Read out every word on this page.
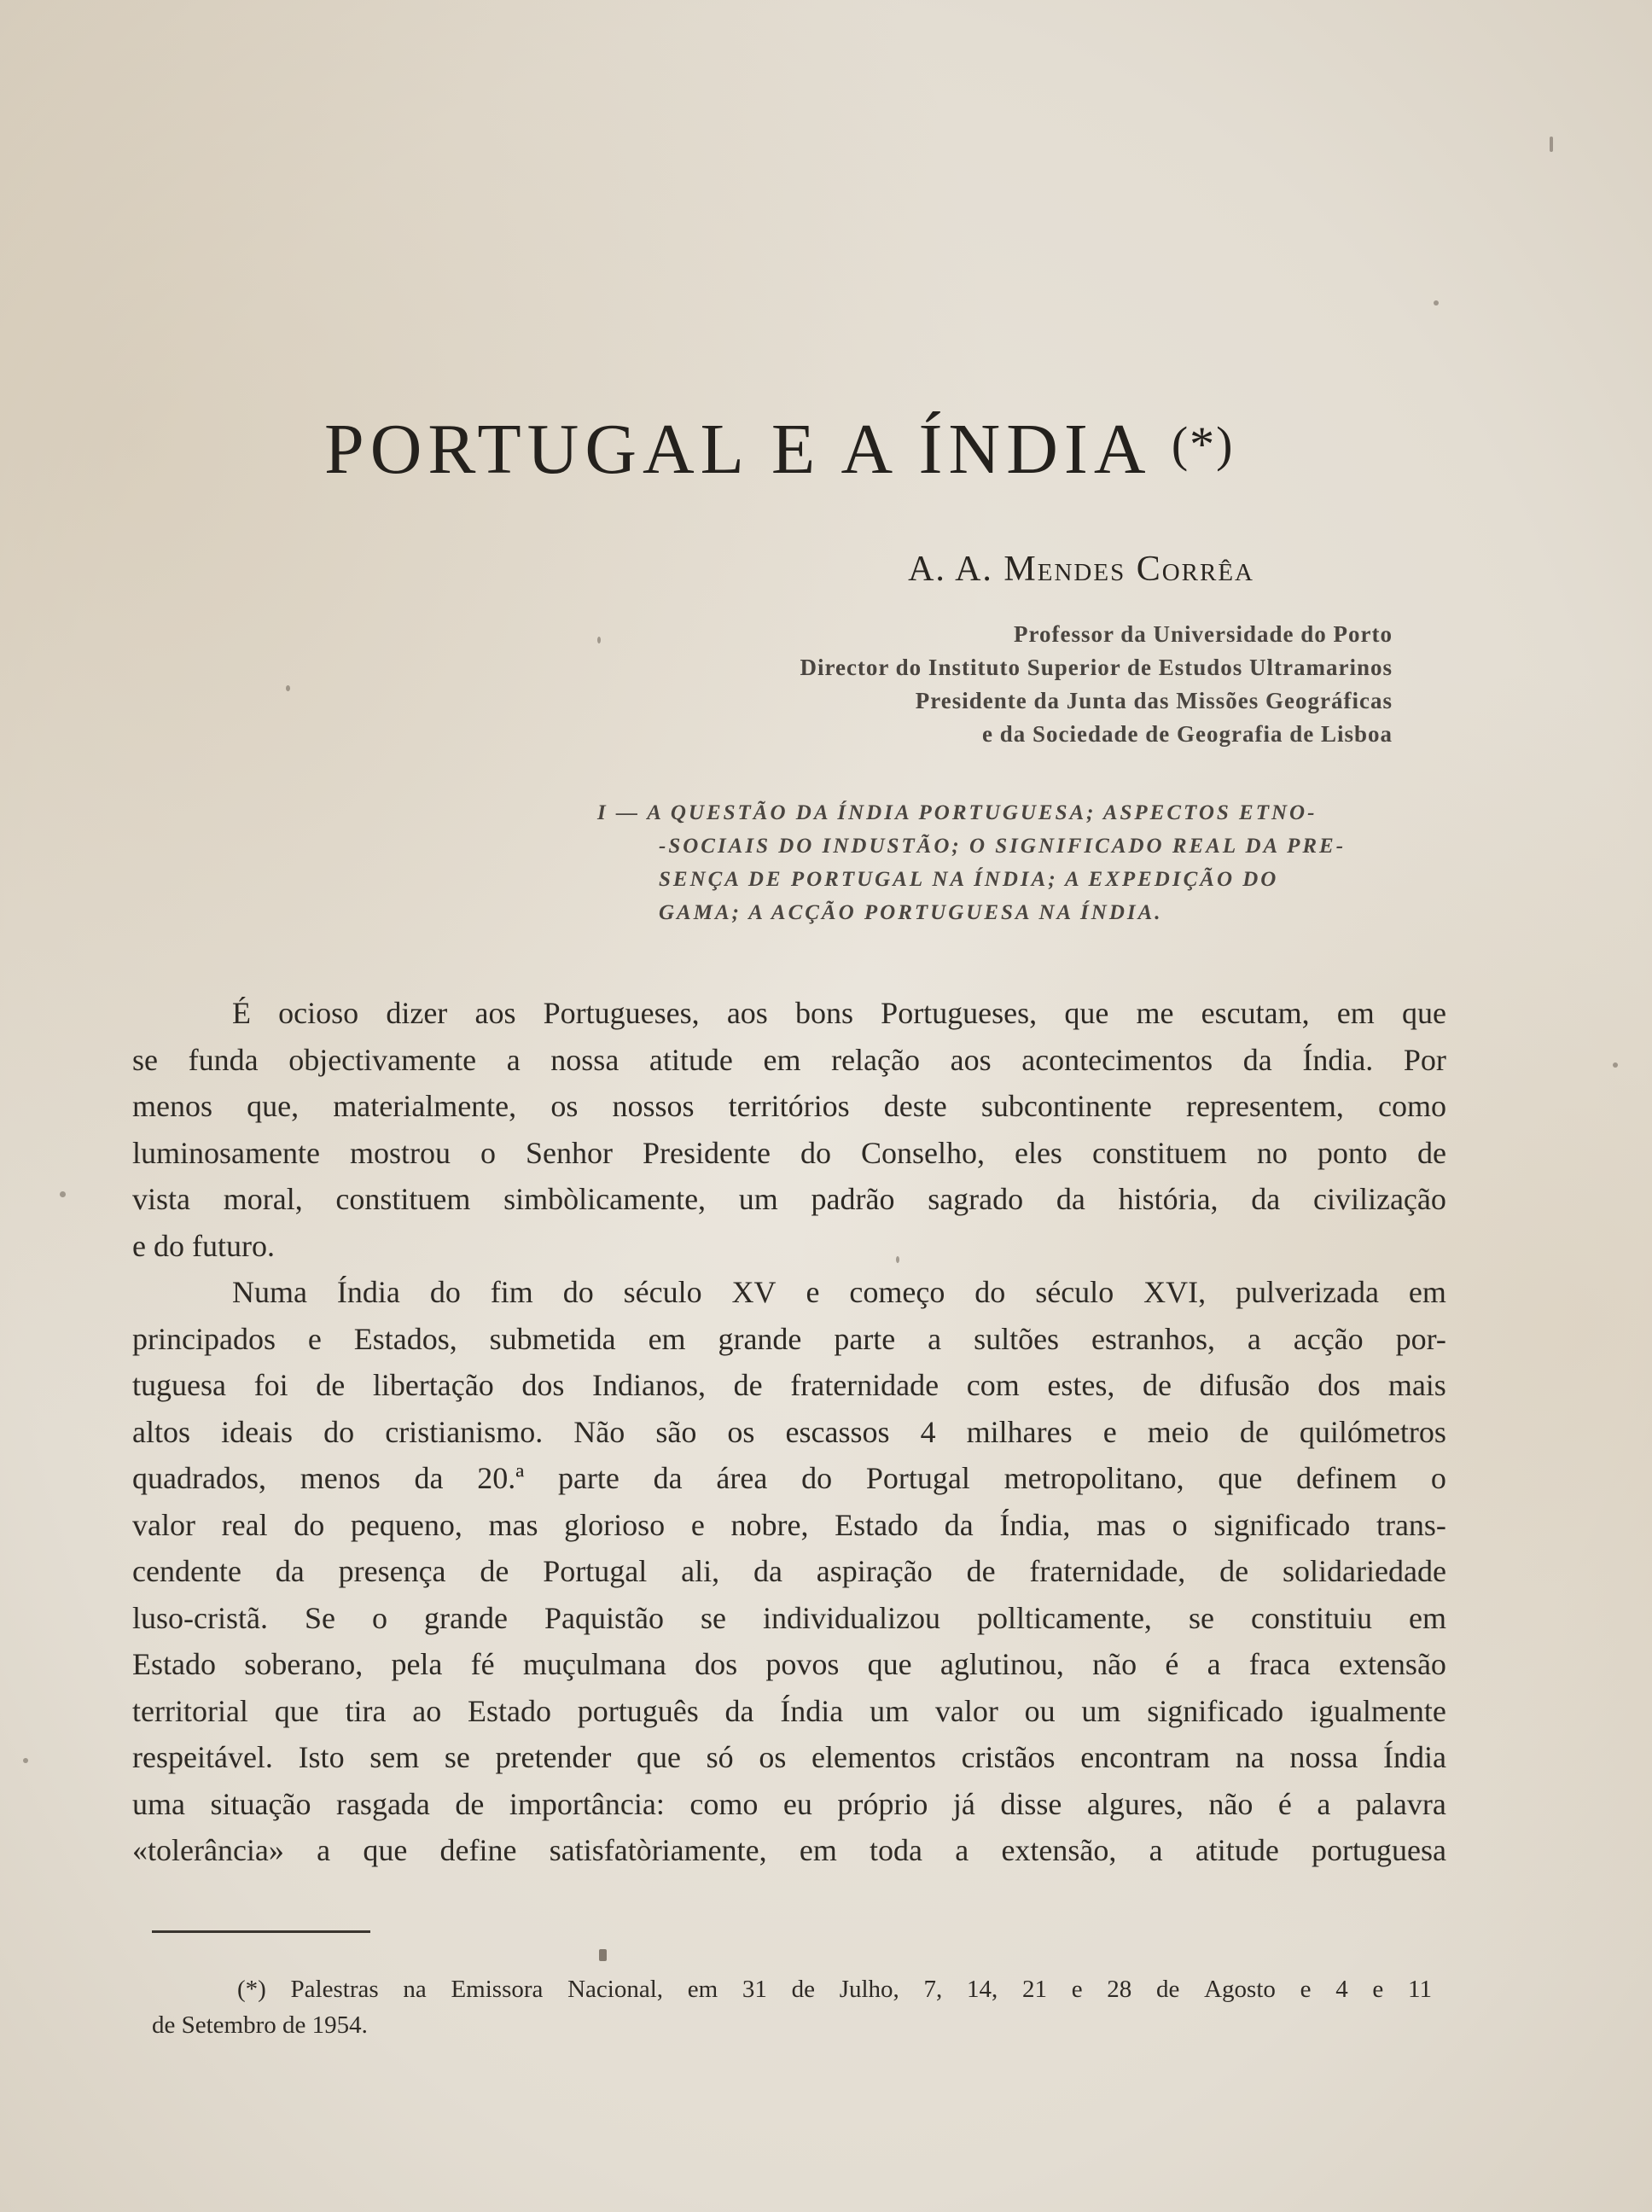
PORTUGAL E A ÍNDIA (*)
A. A. Mendes Corrêa
Professor da Universidade do Porto
Director do Instituto Superior de Estudos Ultramarinos
Presidente da Junta das Missões Geográficas
e da Sociedade de Geografia de Lisboa
I — A QUESTÃO DA ÍNDIA PORTUGUESA; ASPECTOS ETNO-
-SOCIAIS DO INDUSTÃO; O SIGNIFICADO REAL DA PRE-
SENÇA DE PORTUGAL NA ÍNDIA; A EXPEDIÇÃO DO
GAMA; A ACÇÃO PORTUGUESA NA ÍNDIA.
É ocioso dizer aos Portugueses, aos bons Portugueses, que me escutam, em que
se funda objectivamente a nossa atitude em relação aos acontecimentos da Índia. Por
menos que, materialmente, os nossos territórios deste subcontinente representem, como
luminosamente mostrou o Senhor Presidente do Conselho, eles constituem no ponto de
vista moral, constituem simbòlicamente, um padrão sagrado da história, da civilização
e do futuro.
Numa Índia do fim do século XV e começo do século XVI, pulverizada em
principados e Estados, submetida em grande parte a sultões estranhos, a acção por-
tuguesa foi de libertação dos Indianos, de fraternidade com estes, de difusão dos mais
altos ideais do cristianismo. Não são os escassos 4 milhares e meio de quilómetros
quadrados, menos da 20.ª parte da área do Portugal metropolitano, que definem o
valor real do pequeno, mas glorioso e nobre, Estado da Índia, mas o significado trans-
cendente da presença de Portugal ali, da aspiração de fraternidade, de solidariedade
luso-cristã. Se o grande Paquistão se individualizou pollticamente, se constituiu em
Estado soberano, pela fé muçulmana dos povos que aglutinou, não é a fraca extensão
territorial que tira ao Estado português da Índia um valor ou um significado igualmente
respeitável. Isto sem se pretender que só os elementos cristãos encontram na nossa Índia
uma situação rasgada de importância: como eu próprio já disse algures, não é a palavra
«tolerância» a que define satisfatòriamente, em toda a extensão, a atitude portuguesa
(*) Palestras na Emissora Nacional, em 31 de Julho, 7, 14, 21 e 28 de Agosto e 4 e 11
de Setembro de 1954.
